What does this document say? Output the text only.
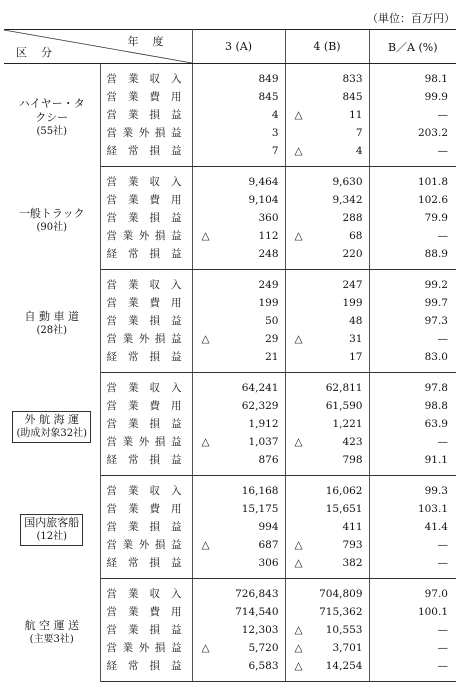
（単位：百万円）
年度
区分		3 (A)	4 (B)	B／A (%)

ハイヤー・タ
クシー
(55社)	営業収入	849	833	98.1
	営業費用	845	845	99.9
	営業損益	4	△ 11	—
	営業外損益	3	7	203.2
	経常損益	7	△ 4	—

一般トラック
(90社)	営業収入	9,464	9,630	101.8
	営業費用	9,104	9,342	102.6
	営業損益	360	288	79.9
	営業外損益	△ 112	△ 68	—
	経常損益	248	220	88.9

自 動 車 道
(28社)	営業収入	249	247	99.2
	営業費用	199	199	99.7
	営業損益	50	48	97.3
	営業外損益	△ 29	△ 31	—
	経常損益	21	17	83.0

外 航 海 運
(助成対象32社)	営業収入	64,241	62,811	97.8
	営業費用	62,329	61,590	98.8
	営業損益	1,912	1,221	63.9
	営業外損益	△ 1,037	△ 423	—
	経常損益	876	798	91.1

国内旅客船
(12社)	営業収入	16,168	16,062	99.3
	営業費用	15,175	15,651	103.1
	営業損益	994	411	41.4
	営業外損益	△ 687	△ 793	—
	経常損益	306	△ 382	—

航 空 運 送
(主要3社)	営業収入	726,843	704,809	97.0
	営業費用	714,540	715,362	100.1
	営業損益	12,303	△ 10,553	—
	営業外損益	△ 5,720	△ 3,701	—
	経常損益	6,583	△ 14,254	—
